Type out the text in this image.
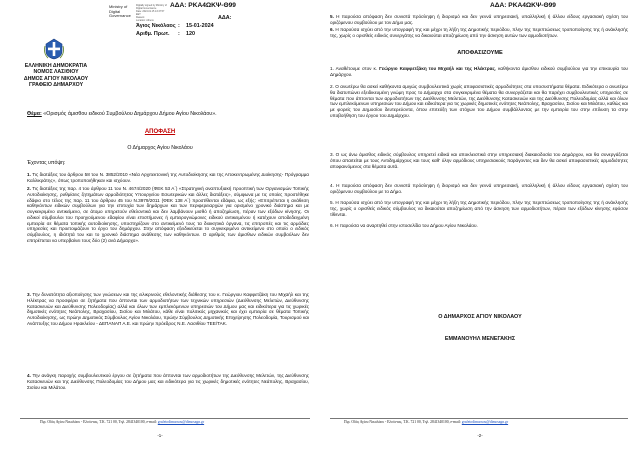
ΑΔΑ: ΡΚΑ4ΩΚΨ-Θ99
Ministry of
Digital
Governance
Digitally signed by Ministry of
Digital Governance
Date: 2024.01.15 13:47:57
EET
Reason:
Location: Athens	ΑΔΑ:
Άγιος Νικόλαος : 15-01-2024
Αριθμ. Πρωτ. : 120
ΕΛΛΗΝΙΚΗ ΔΗΜΟΚΡΑΤΙΑ
ΝΟΜΟΣ ΛΑΣΙΘΙΟΥ
ΔΗΜΟΣ ΑΓΙΟΥ ΝΙΚΟΛΑΟΥ
ΓΡΑΦΕΙΟ ΔΗΜΑΡΧΟΥ
Θέμα: «Ορισμός άμισθου ειδικού Συμβούλου Δημάρχου Δήμου Αγίου Νικολάου».
ΑΠΟΦΑΣΗ
Ο Δήμαρχος Αγίου Νικολάου
Έχοντας υπόψη:

1. Τις διατάξεις του άρθρου 58 του Ν. 3852/2010 «Νέα Αρχιτεκτονική της Αυτοδιοίκησης και της Αποκεντρωμένης Διοίκησης- Πρόγραμμα Καλλικράτης», όπως τροποποιήθηκαν και ισχύουν.

2. Τις διατάξεις της παρ. 4 του άρθρου 11 του Ν. 4674/2020 (ΦΕΚ 53 Α΄) «Στρατηγική αναπτυξιακή προοπτική των Οργανισμών Τοπικής Αυτοδιοίκησης, ρυθμίσεις ζητημάτων αρμοδιότητας Υπουργείου Εσωτερικών και άλλες διατάξεις», σύμφωνα με τις οποίες προστέθηκε εδάφιο στο τέλος της παρ. 11 του άρθρου 45 του Ν.3979/2011 (ΦΕΚ 138 Α΄) προστίθενται εδάφια, ως εξής: «Επιτρέπεται η ανάθεση καθηκόντων ειδικών συμβούλων για την επιτυχία των δημάρχων και των περιφερειαρχών για ορισμένο χρονικό διάστημα και με συγκεκριμένο αντικείμενο, σε άτομο υπηρετούν εθελοντικά και δεν λαμβάνουν μισθό ή αποζημίωση, πέραν των εξόδων κίνησης. Οι ειδικοί σύμβουλοι του προηγούμενου εδαφίου είναι επιστήμονες ή εμπειρογνώμονες ειδικού αντικειμένου ή κατέχουν αποδεδειγμένη εμπειρία σε θέματα τοπικής αυτοδιοίκησης, υποστηρίζουν στο αντικείμενό τους τα διοικητικά όργανα, τις επιτροπές και τις αρμόδιες υπηρεσίες και προετοιμάζουν το έργο του δημάρχου. Στην απόφαση εξειδικεύεται το συγκεκριμένο αντικείμενο στο οποίο ο ειδικός σύμβουλος, η ιδιότητά του και το χρονικό διάστημα ανάθεσης των καθηκόντων. Ο αριθμός των άμισθων ειδικών συμβούλων δεν επιτρέπεται να υπερβαίνει τους δύο (2) ανά Δήμαρχο».

3. Την δυνατότητα αξιοποίησης των γνώσεων και της ειλικρινούς εθελοντικής διάθεσης του κ. Γεώργιου Καφφετζάκη του Μιχαήλ και της Ηλέκτρας να προσφέρει σε ζητήματα που άπτονται των αρμοδιοτήτων των τεχνικών υπηρεσιών (Διεύθυνσης Μελετών, Διεύθυνσης Κατασκευών και Διεύθυνσης Πολεοδομίας) αλλά και όλων των εμπλεκόμενων υπηρεσιών του Δήμου μας και ειδικότερα για τις χωρικές δημοτικές ενότητες Νεάπολης, Βραχασίου, Σισίου και Μιλάτου, κάθε είναι πολιτικός μηχανικός και έχει εμπειρία σε θέματα Τοπικής Αυτοδιοίκησης, ως πρώην Δημοτικός Σύμβουλος Αγίου Νικολάου, πρώην Σύμβουλος Δημοτικής Επιχείρησης Πολεοδομία, Τουρισμού και Ανάπτυξης του Δήμου Ηρακλείου - ΔΕΠΑΝΑΠ Α.Ε. και πρώην πρόεδρος Ν.Ε. Λασιθίου ΤΕΕ/ΤΑΚ.

4. Την ανάγκη παροχής συμβουλευτικού έργου σε ζητήματα που άπτονται των αρμοδιοτήτων της Διεύθυνσης Μελετών, της Διεύθυνσης Κατασκευών και της Διεύθυνσης Πολεοδομίας του Δήμου μας και ειδικότερα για τις χωρικές δημοτικές ενότητες Νεάπολης, Βραχασίου, Σισίου και Μιλάτου.

Πιρ. Οδός Αγίου Νικολάου - Ελούντας, Τ.Κ. 721 00, Τηλ. 2841340100, e-mail: grafeiodimarxou@dimosagn.gr
-1-
ΑΔΑ: ΡΚΑ4ΩΚΨ-Θ99

5. Η παρούσα απόφαση δεν συνιστά πρόσληψη ή διορισμό και δεν γεννά υπηρεσιακή, υπαλληλική ή άλλου είδους εργασιακή σχέση του οριζόμενου συμβούλου με τον Δήμο μας.

6. Η παρούσα ισχύει από την υπογραφή της και μέχρι τη λήξη της Δημοτικής περιόδου, πλην της περιπτώσεως τροποποίησης της ή ανάκλησής της, χωρίς ο ορισθείς ειδικός συνεργάτης να δικαιούται αποζημίωση από την άσκηση αυτών των αρμοδιοτήτων.

ΑΠΟΦΑΣΙΖΟΥΜΕ

1. Αναθέτουμε στον κ. Γεώργιο Καφφετζάκη του Μιχαήλ και της Ηλέκτρας, καθήκοντα άμισθου ειδικού συμβούλου για την επικουρία του Δημάρχου.

2. Ο ανωτέρω θα ασκεί καθήκοντα αμιγώς συμβουλευτικά χωρίς αποφασιστικές αρμοδιότητες στα υποσυστήματα θέματα. Ειδικότερα ο ανωτέρω θα διατυπώνει εξειδικευμένη γνώμη προς το Δήμαρχο στα συγκεκριμένα θέματα θα συνεργάζεται και θα παρέχει συμβουλευτικές υπηρεσίες σε θέματα που άπτονται των αρμοδιοτήτων της Διεύθυνσης Μελετών, της Διεύθυνσης Κατασκευών και της Διεύθυνσης Πολεοδομίας αλλά και όλων των εμπλεκόμενων υπηρεσιών του Δήμου και ειδικότερα για τις χωρικές δημοτικές ενότητες Νεάπολης, Βραχασίου, Σισίου και Μιλάτου, καθώς και με φορείς του Δημοσίου δευτερεύοντα, όπου επιτεύξη των στόχων του Δήμου συμβάλλοντας με την εμπειρία του στην επίλυση τα στην υποβοήθηση του έργου του Δημάρχου.

3. Ο ως άνω άμισθος ειδικός σύμβουλος υπηρετεί ειδικά και αποκλειστικά στην υπηρεσιακή διακαιοδοσία του Δημάρχου, και θα συνεργάζεται όπου απαιτείται με τους Αντιδημάρχους και τους καθ' ύλην αρμόδιους υπηρεσιακούς παράγοντες και δεν θα ασκεί αποφασιστικές αρμοδιότητες αποφαινόμενος στα θέματα αυτά.

4. Η παρούσα απόφαση δεν συνιστά πρόσληψη ή διορισμό και δεν γεννά υπηρεσιακή, υπαλληλική ή άλλου είδους εργασιακή σχέση του οριζόμενου συμβούλου με το Δήμο.

5. Η παρούσα ισχύει από την υπογραφή της και μέχρι τη λήξη της Δημοτικής περιόδου, πλην της περιπτώσεως τροποποίησης της ή ανάκλησής της, χωρίς ο ορισθείς ειδικός σύμβουλος να δικαιούται αποζημίωση από την άσκηση των αρμοδιοτήτων, πέραν των εξόδων κίνησης εφόσον τίθενται.

6. Η παρούσα να αναρτηθεί στην ιστοσελίδα του Δήμου Αγίου Νικολάου.

Ο ΔΗΜΑΡΧΟΣ ΑΓΙΟΥ ΝΙΚΟΛΑΟΥ
ΕΜΜΑΝΟΥΗΛ ΜΕΝΕΓΑΚΗΣ
Πιρ. Οδός Αγίου Νικολάου - Ελούντας, Τ.Κ. 721 00, Τηλ. 2841340100, e-mail: grafeiodimarxou@dimosagn.gr
-2-
